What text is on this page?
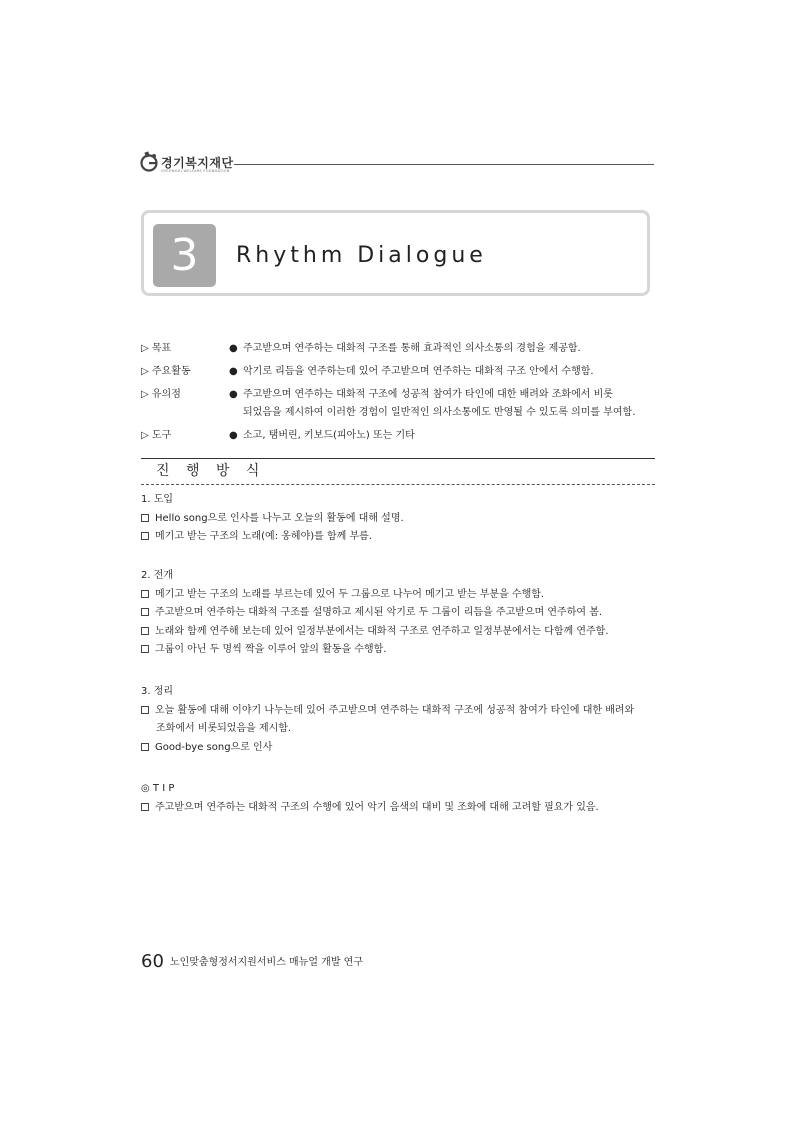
경기복지재단
GYEONGGI WELFARE FOUNDATION
3	Rhythm Dialogue
▷ 목표	● 주고받으며 연주하는 대화적 구조를 통해 효과적인 의사소통의 경험을 제공함.
▷ 주요활동	● 악기로 리듬을 연주하는데 있어 주고받으며 연주하는 대화적 구조 안에서 수행함.
▷ 유의점	● 주고받으며 연주하는 대화적 구조에 성공적 참여가 타인에 대한 배려와 조화에서 비롯
되었음을 제시하여 이러한 경험이 일반적인 의사소통에도 반영될 수 있도록 의미를 부여함.
▷ 도구	● 소고, 탬버린, 키보드(피아노) 또는 기타
진 행 방 식
1. 도입
Hello song으로 인사를 나누고 오늘의 활동에 대해 설명.
메기고 받는 구조의 노래(예: 옹헤야)를 함께 부름.
2. 전개
메기고 받는 구조의 노래를 부르는데 있어 두 그룹으로 나누어 메기고 받는 부분을 수행함.
주고받으며 연주하는 대화적 구조를 설명하고 제시된 악기로 두 그룹이 리듬을 주고받으며 연주하여 봄.
노래와 함께 연주해 보는데 있어 일정부분에서는 대화적 구조로 연주하고 일정부분에서는 다함께 연주함.
그룹이 아닌 두 명씩 짝을 이루어 앞의 활동을 수행함.
3. 정리
오늘 활동에 대해 이야기 나누는데 있어 주고받으며 연주하는 대화적 구조에 성공적 참여가 타인에 대한 배려와
조화에서 비롯되었음을 제시함.
Good-bye song으로 인사
◎ T I P
주고받으며 연주하는 대화적 구조의 수행에 있어 악기 음색의 대비 및 조화에 대해 고려할 필요가 있음.
60 노인맞춤형정서지원서비스 매뉴얼 개발 연구
